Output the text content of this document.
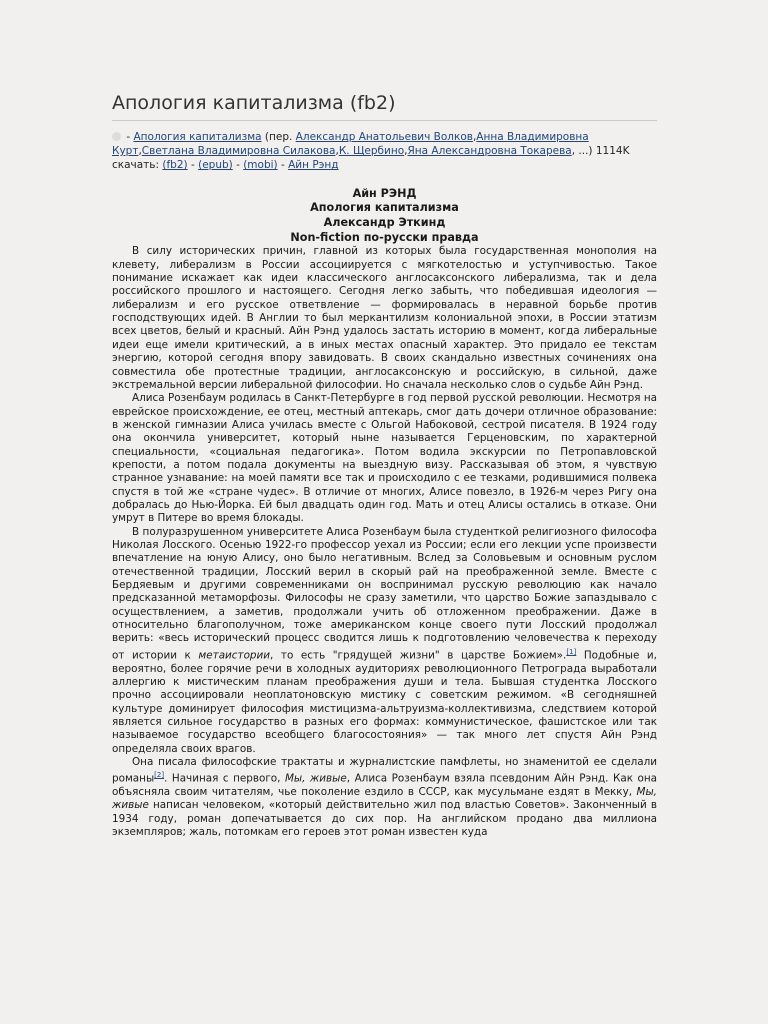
Апология капитализма (fb2)
- Апология капитализма (пер. Александр Анатольевич Волков,Анна Владимировна Курт,Светлана Владимировна Силакова,К. Щербино,Яна Александровна Токарева, ...) 1114K скачать: (fb2) - (epub) - (mobi) - Айн Рэнд
Айн РЭНД
Апология капитализма
Александр Эткинд
Non-fiction по-русски правда

В силу исторических причин, главной из которых была государственная монополия на клевету, либерализм в России ассоциируется с мягкотелостью и уступчивостью. Такое понимание искажает как идеи классического англосаксонского либерализма, так и дела российского прошлого и настоящего. Сегодня легко забыть, что победившая идеология — либерализм и его русское ответвление — формировалась в неравной борьбе против господствующих идей. В Англии то был меркантилизм колониальной эпохи, в России этатизм всех цветов, белый и красный. Айн Рэнд удалось застать историю в момент, когда либеральные идеи еще имели критический, а в иных местах опасный характер. Это придало ее текстам энергию, которой сегодня впору завидовать. В своих скандально известных сочинениях она совместила обе протестные традиции, англосаксонскую и российскую, в сильной, даже экстремальной версии либеральной философии. Но сначала несколько слов о судьбе Айн Рэнд.

Алиса Розенбаум родилась в Санкт-Петербурге в год первой русской революции. Несмотря на еврейское происхождение, ее отец, местный аптекарь, смог дать дочери отличное образование: в женской гимназии Алиса училась вместе с Ольгой Набоковой, сестрой писателя. В 1924 году она окончила университет, который ныне называется Герценовским, по характерной специальности, «социальная педагогика». Потом водила экскурсии по Петропавловской крепости, а потом подала документы на выездную визу. Рассказывая об этом, я чувствую странное узнавание: на моей памяти все так и происходило с ее тезками, родившимися полвека спустя в той же «стране чудес». В отличие от многих, Алисе повезло, в 1926-м через Ригу она добралась до Нью-Йорка. Ей был двадцать один год. Мать и отец Алисы остались в отказе. Они умрут в Питере во время блокады.

В полуразрушенном университете Алиса Розенбаум была студенткой религиозного философа Николая Лосского. Осенью 1922-го профессор уехал из России; если его лекции успе произвести впечатление на юную Алису, оно было негативным. Вслед за Соловьевым и основным руслом отечественной традиции, Лосский верил в скорый рай на преображенной земле. Вместе с Бердяевым и другими современниками он воспринимал русскую революцию как начало предсказанной метаморфозы. Философы не сразу заметили, что царство Божие запаздывало с осуществлением, а заметив, продолжали учить об отложенном преображении. Даже в относительно благополучном, тоже американском конце своего пути Лосский продолжал верить: «весь исторический процесс сводится лишь к подготовлению человечества к переходу от истории к метаистории, то есть "грядущей жизни" в царстве Божием».[1] Подобные и, вероятно, более горячие речи в холодных аудиториях революционного Петрограда выработали аллергию к мистическим планам преображения души и тела. Бывшая студентка Лосского прочно ассоциировали неоплатоновскую мистику с советским режимом. «В сегодняшней культуре доминирует философия мистицизма-альтруизма-коллективизма, следствием которой является сильное государство в разных его формах: коммунистическое, фашистское или так называемое государство всеобщего благосостояния» — так много лет спустя Айн Рэнд определяла своих врагов.

Она писала философские трактаты и журналистские памфлеты, но знаменитой ее сделали романы[2]. Начиная с первого, Мы, живые, Алиса Розенбаум взяла псевдоним Айн Рэнд. Как она объясняла своим читателям, чье поколение ездило в СССР, как мусульмане ездят в Мекку, Мы, живые написан человеком, «который действительно жил под властью Советов». Законченный в 1934 году, роман допечатывается до сих пор. На английском продано два миллиона экземпляров; жаль, потомкам его героев этот роман известен куда
